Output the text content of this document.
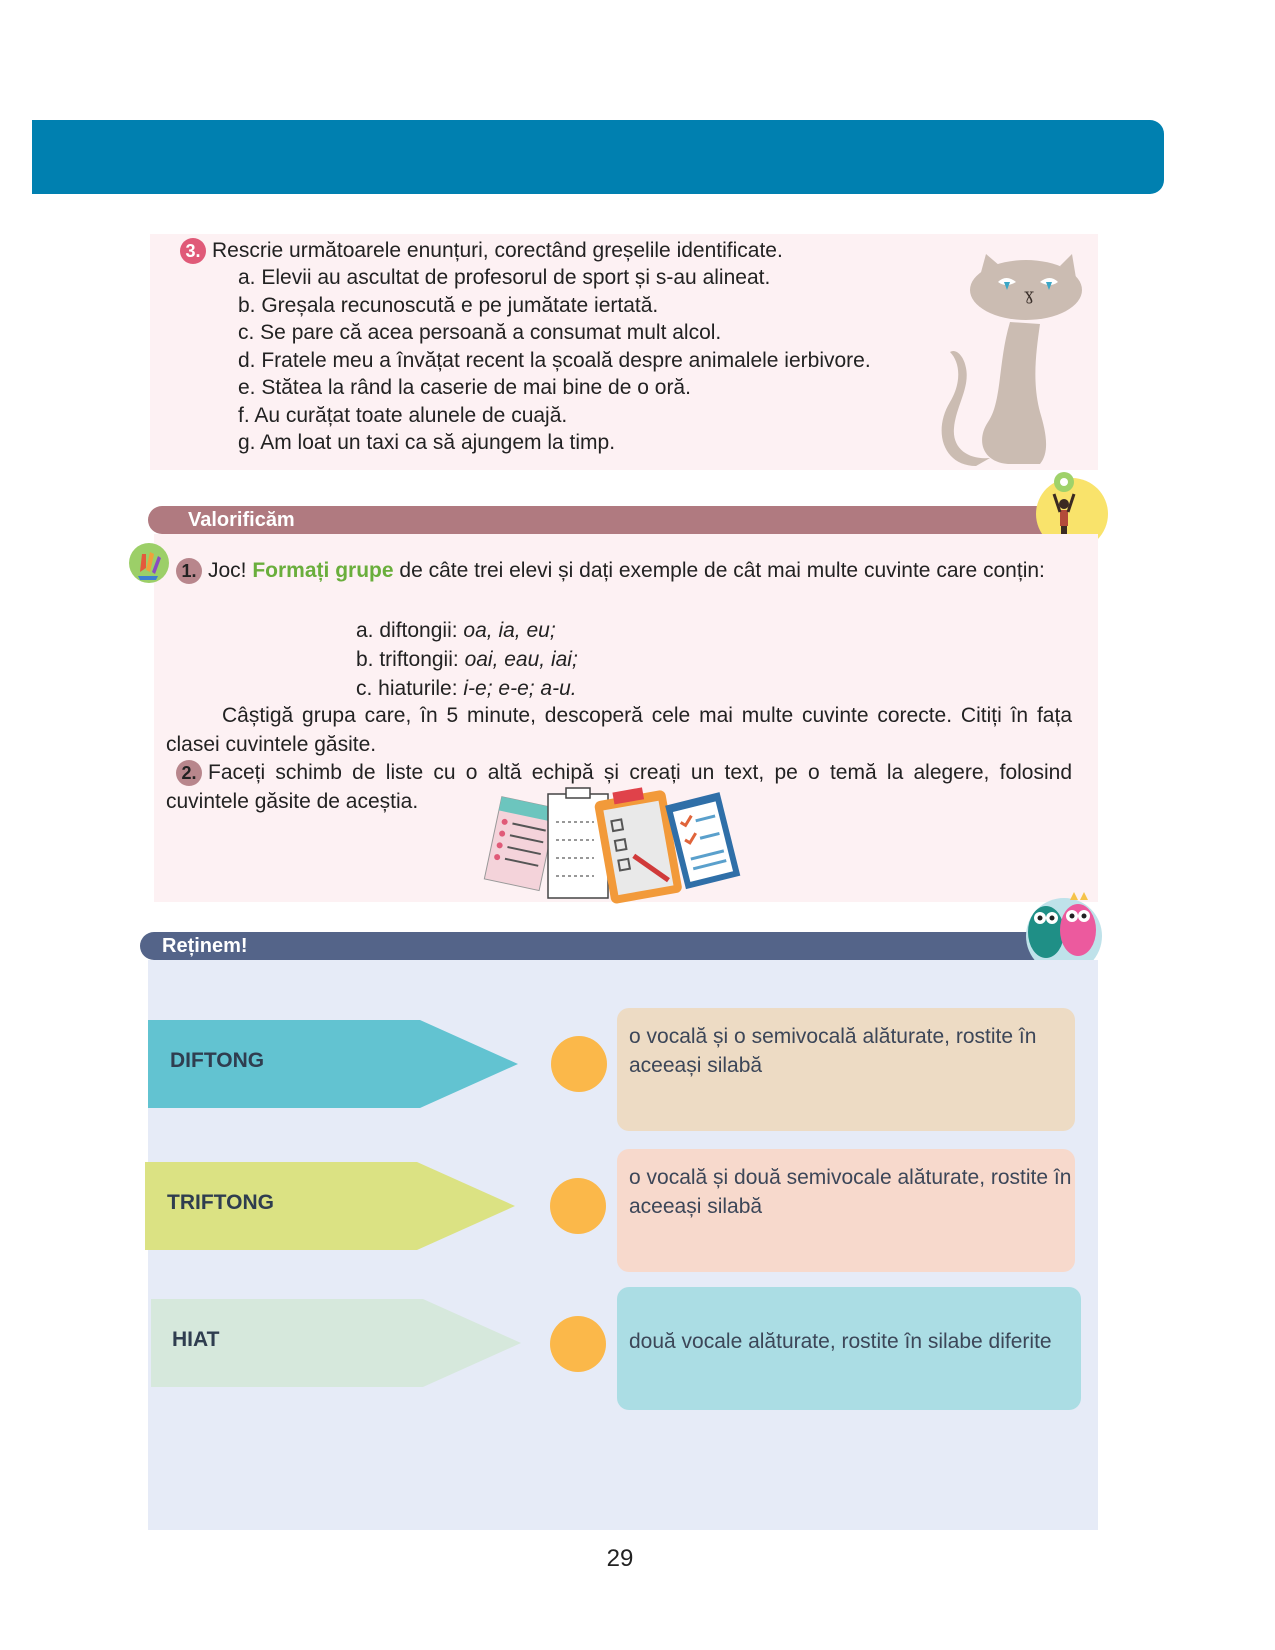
3. Rescrie următoarele enunțuri, corectând greșelile identificate.
a. Elevii au ascultat de profesorul de sport și s-au alineat.
b. Greșala recunoscută e pe jumătate iertată.
c. Se pare că acea persoană a consumat mult alcol.
d. Fratele meu a învățat recent la școală despre animalele ierbivore.
e. Stătea la rând la caserie de mai bine de o oră.
f. Au curățat toate alunele de cuajă.
g. Am loat un taxi ca să ajungem la timp.
ɣ
Valorificăm
1. Joc! Formați grupe de câte trei elevi și dați exemple de cât mai multe cuvinte care conțin:
a. diftongii: oa, ia, eu;
b. triftongii: oai, eau, iai;
c. hiaturile: i-e; e-e; a-u.
Câștigă grupa care, în 5 minute, descoperă cele mai multe cuvinte corecte. Citiți în fața clasei cuvintele găsite.
2. Faceți schimb de liste cu o altă echipă și creați un text, pe o temă la alegere, folosind cuvintele găsite de aceștia.
Reținem!
DIFTONG
o vocală și o semivocală alăturate, rostite în aceeași silabă
TRIFTONG
o vocală și două semivocale alăturate, rostite în aceeași silabă
HIAT	două vocale alăturate, rostite în silabe diferite
29
